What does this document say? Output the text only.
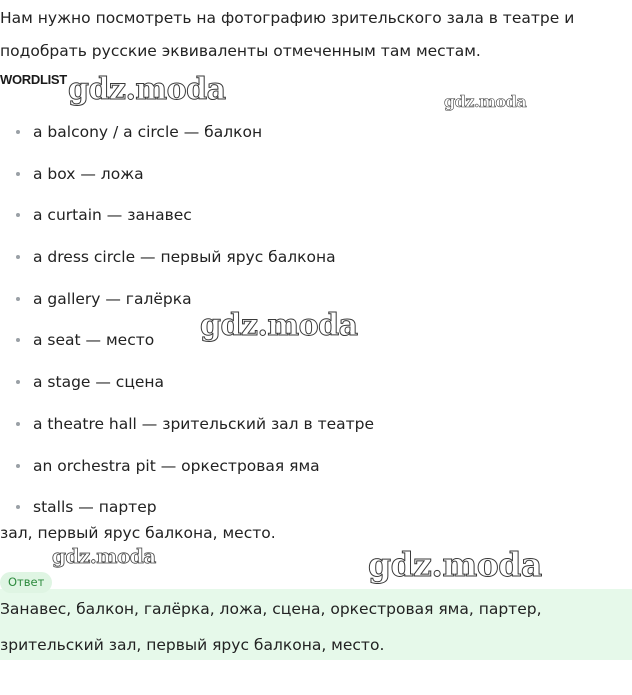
Нам нужно посмотреть на фотографию зрительского зала в театре и
подобрать русские эквиваленты отмеченным там местам.
WORDLIST
a balcony / a circle — балкон
a box — ложа
a curtain — занавес
a dress circle — первый ярус балкона
a gallery — галёрка
a seat — место
a stage — сцена
a theatre hall — зрительский зал в театре
an orchestra pit — оркестровая яма
stalls — партер
зал, первый ярус балкона, место.
Ответ
Занавес, балкон, галёрка, ложа, сцена, оркестровая яма, партер,
зрительский зал, первый ярус балкона, место.
gdz.moda	gdz.moda
gdz.moda
gdz.moda	gdz.moda
